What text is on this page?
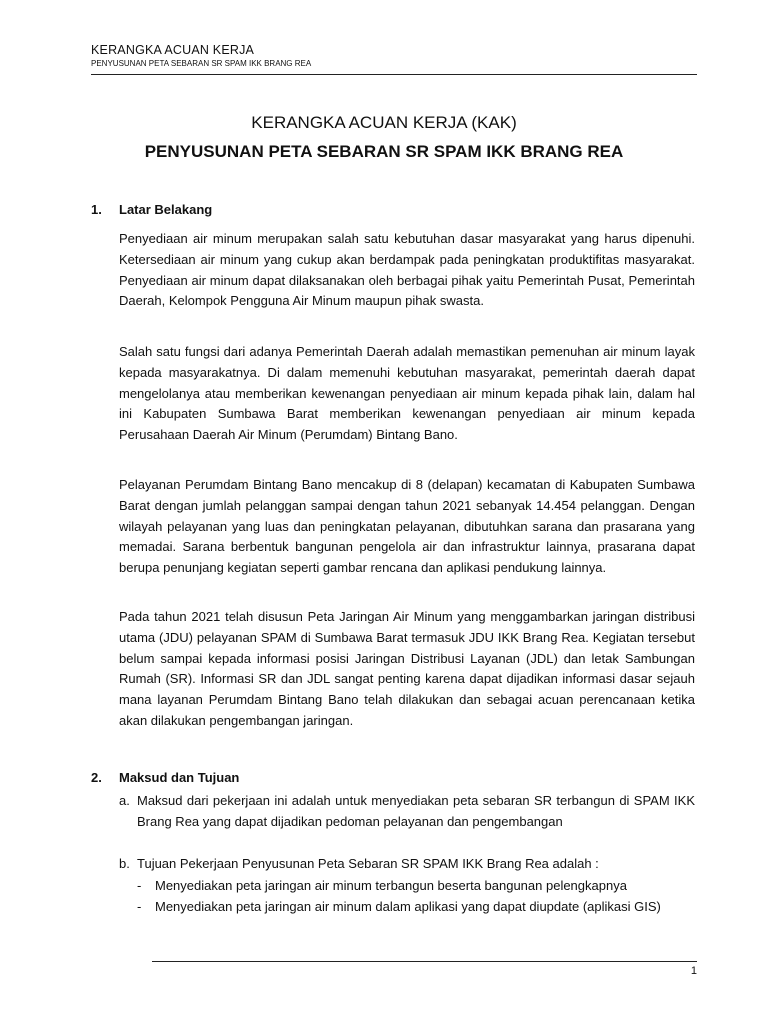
KERANGKA ACUAN KERJA
PENYUSUNAN PETA SEBARAN SR SPAM IKK BRANG REA
KERANGKA ACUAN KERJA (KAK)
PENYUSUNAN PETA SEBARAN SR SPAM IKK BRANG REA
1. Latar Belakang

Penyediaan air minum merupakan salah satu kebutuhan dasar masyarakat yang harus dipenuhi. Ketersediaan air minum yang cukup akan berdampak pada peningkatan produktifitas masyarakat. Penyediaan air minum dapat dilaksanakan oleh berbagai pihak yaitu Pemerintah Pusat, Pemerintah Daerah, Kelompok Pengguna Air Minum maupun pihak swasta.

Salah satu fungsi dari adanya Pemerintah Daerah adalah memastikan pemenuhan air minum layak kepada masyarakatnya. Di dalam memenuhi kebutuhan masyarakat, pemerintah daerah dapat mengelolanya atau memberikan kewenangan penyediaan air minum kepada pihak lain, dalam hal ini Kabupaten Sumbawa Barat memberikan kewenangan penyediaan air minum kepada Perusahaan Daerah Air Minum (Perumdam) Bintang Bano.

Pelayanan Perumdam Bintang Bano mencakup di 8 (delapan) kecamatan di Kabupaten Sumbawa Barat dengan jumlah pelanggan sampai dengan tahun 2021 sebanyak 14.454 pelanggan. Dengan wilayah pelayanan yang luas dan peningkatan pelayanan, dibutuhkan sarana dan prasarana yang memadai. Sarana berbentuk bangunan pengelola air dan infrastruktur lainnya, prasarana dapat berupa penunjang kegiatan seperti gambar rencana dan aplikasi pendukung lainnya.

Pada tahun 2021 telah disusun Peta Jaringan Air Minum yang menggambarkan jaringan distribusi utama (JDU) pelayanan SPAM di Sumbawa Barat termasuk JDU IKK Brang Rea. Kegiatan tersebut belum sampai kepada informasi posisi Jaringan Distribusi Layanan (JDL) dan letak Sambungan Rumah (SR). Informasi SR dan JDL sangat penting karena dapat dijadikan informasi dasar sejauh mana layanan Perumdam Bintang Bano telah dilakukan dan sebagai acuan perencanaan ketika akan dilakukan pengembangan jaringan.

2. Maksud dan Tujuan
a. Maksud dari pekerjaan ini adalah untuk menyediakan peta sebaran SR terbangun di SPAM IKK Brang Rea yang dapat dijadikan pedoman pelayanan dan pengembangan
b. Tujuan Pekerjaan Penyusunan Peta Sebaran SR SPAM IKK Brang Rea adalah :
- Menyediakan peta jaringan air minum terbangun beserta bangunan pelengkapnya
- Menyediakan peta jaringan air minum dalam aplikasi yang dapat diupdate (aplikasi GIS)
1
